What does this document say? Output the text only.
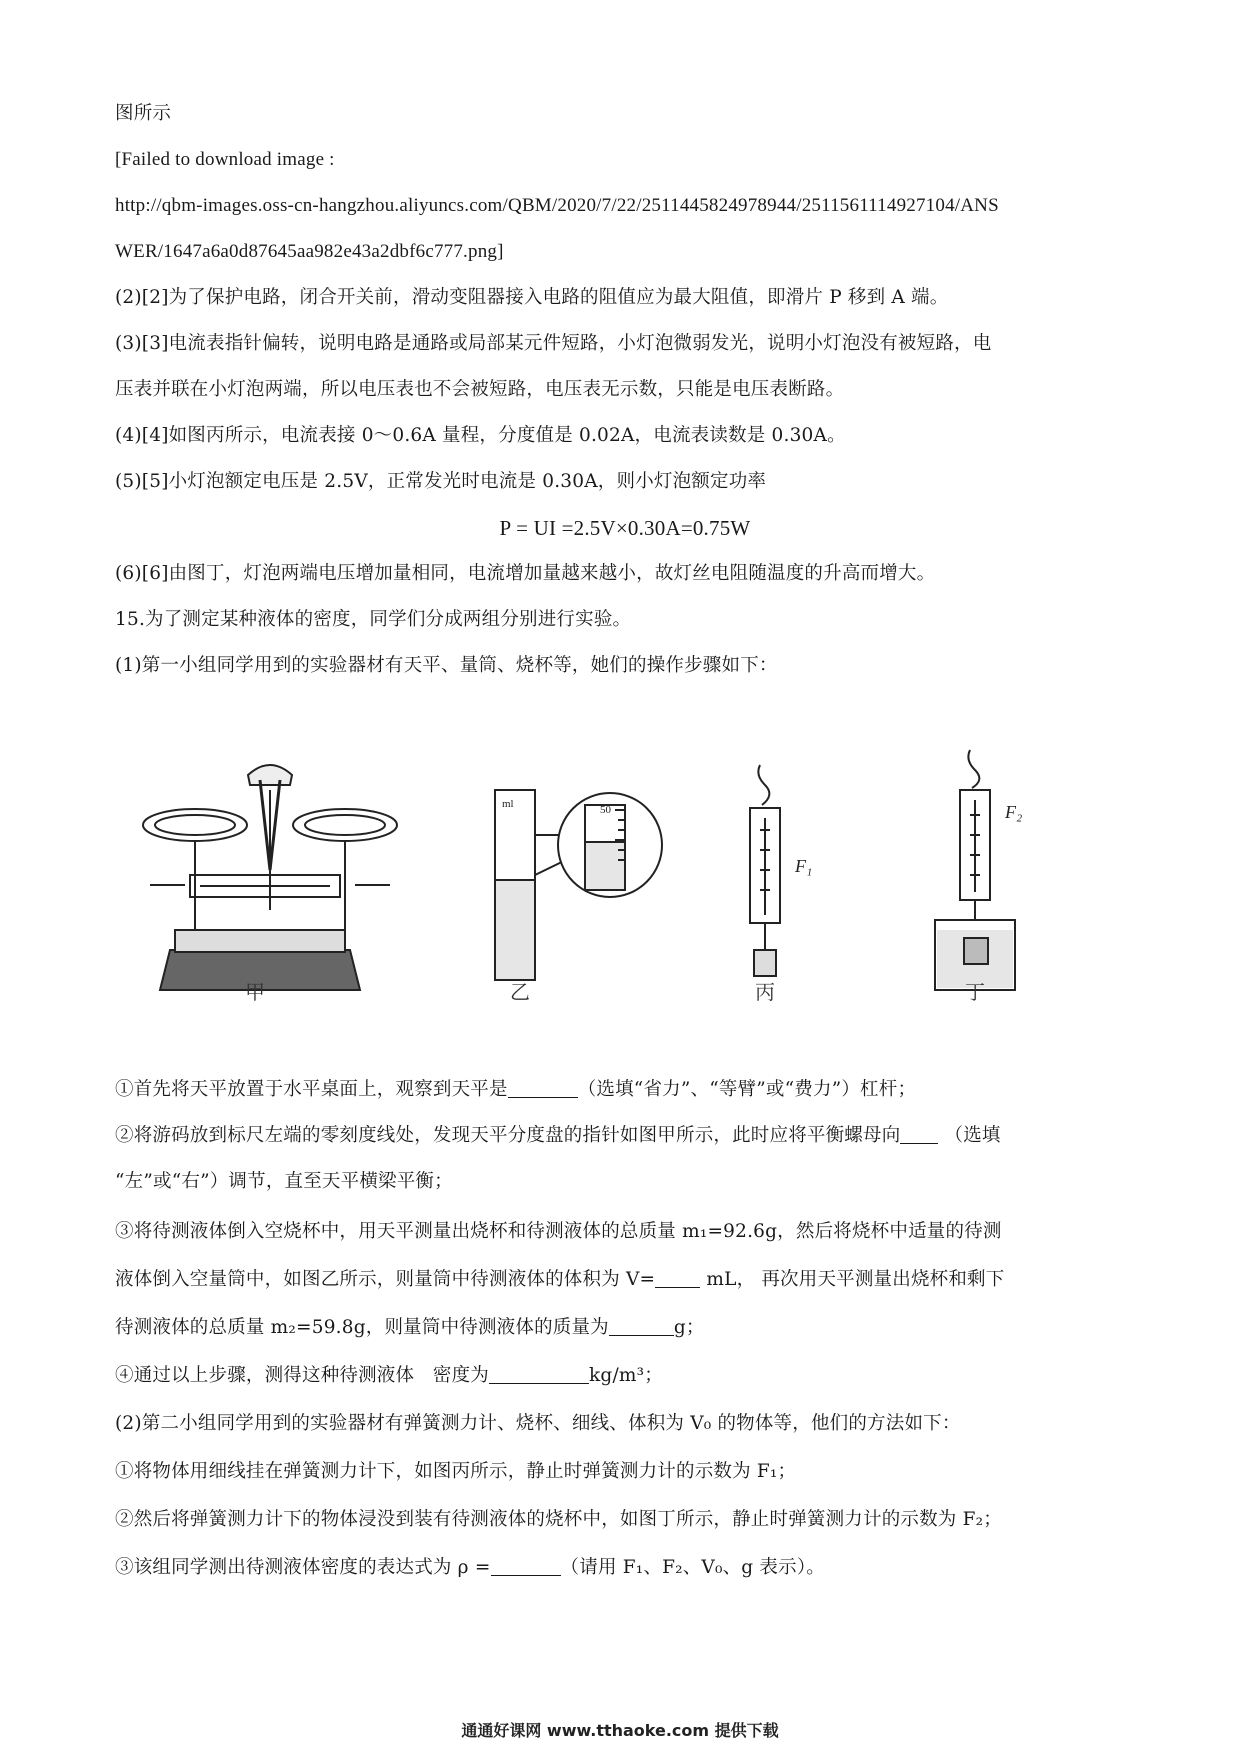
图所示
[Failed to download image :
http://qbm-images.oss-cn-hangzhou.aliyuncs.com/QBM/2020/7/22/2511445824978944/2511561114927104/ANS
WER/1647a6a0d87645aa982e43a2dbf6c777.png]
(2)[2]为了保护电路，闭合开关前，滑动变阻器接入电路的阻值应为最大阻值，即滑片 P 移到 A 端。
(3)[3]电流表指针偏转，说明电路是通路或局部某元件短路，小灯泡微弱发光，说明小灯泡没有被短路，电
压表并联在小灯泡两端，所以电压表也不会被短路，电压表无示数，只能是电压表断路。
(4)[4]如图丙所示，电流表接 0～0.6A 量程，分度值是 0.02A，电流表读数是 0.30A。
(5)[5]小灯泡额定电压是 2.5V，正常发光时电流是 0.30A，则小灯泡额定功率
P = UI =2.5V×0.30A=0.75W
(6)[6]由图丁，灯泡两端电压增加量相同，电流增加量越来越小，故灯丝电阻随温度的升高而增大。
15.为了测定某种液体的密度，同学们分成两组分别进行实验。
(1)第一小组同学用到的实验器材有天平、量筒、烧杯等，她们的操作步骤如下：
ml	50
F₁
F₂
甲	乙	丙	丁
①首先将天平放置于水平桌面上，观察到天平是	（选填“省力”、“等臂”或“费力”）杠杆；
②将游码放到标尺左端的零刻度线处，发现天平分度盘的指针如图甲所示，此时应将平衡螺母向 （选填
“左”或“右”）调节，直至天平横梁平衡；
③将待测液体倒入空烧杯中，用天平测量出烧杯和待测液体的总质量 m₁=92.6g，然后将烧杯中适量的待测
液体倒入空量筒中，如图乙所示，则量筒中待测液体的体积为 V=	mL， 再次用天平测量出烧杯和剩下
待测液体的总质量 m₂=59.8g，则量筒中待测液体的质量为	g；
④通过以上步骤，测得这种待测液体　密度为	kg/m³；
(2)第二小组同学用到的实验器材有弹簧测力计、烧杯、细线、体积为 V₀ 的物体等，他们的方法如下：
①将物体用细线挂在弹簧测力计下，如图丙所示，静止时弹簧测力计的示数为 F₁；
②然后将弹簧测力计下的物体浸没到装有待测液体的烧杯中，如图丁所示，静止时弹簧测力计的示数为 F₂；
③该组同学测出待测液体密度的表达式为 ρ =	（请用 F₁、F₂、V₀、g 表示）。
通通好课网 www.tthaoke.com 提供下载
